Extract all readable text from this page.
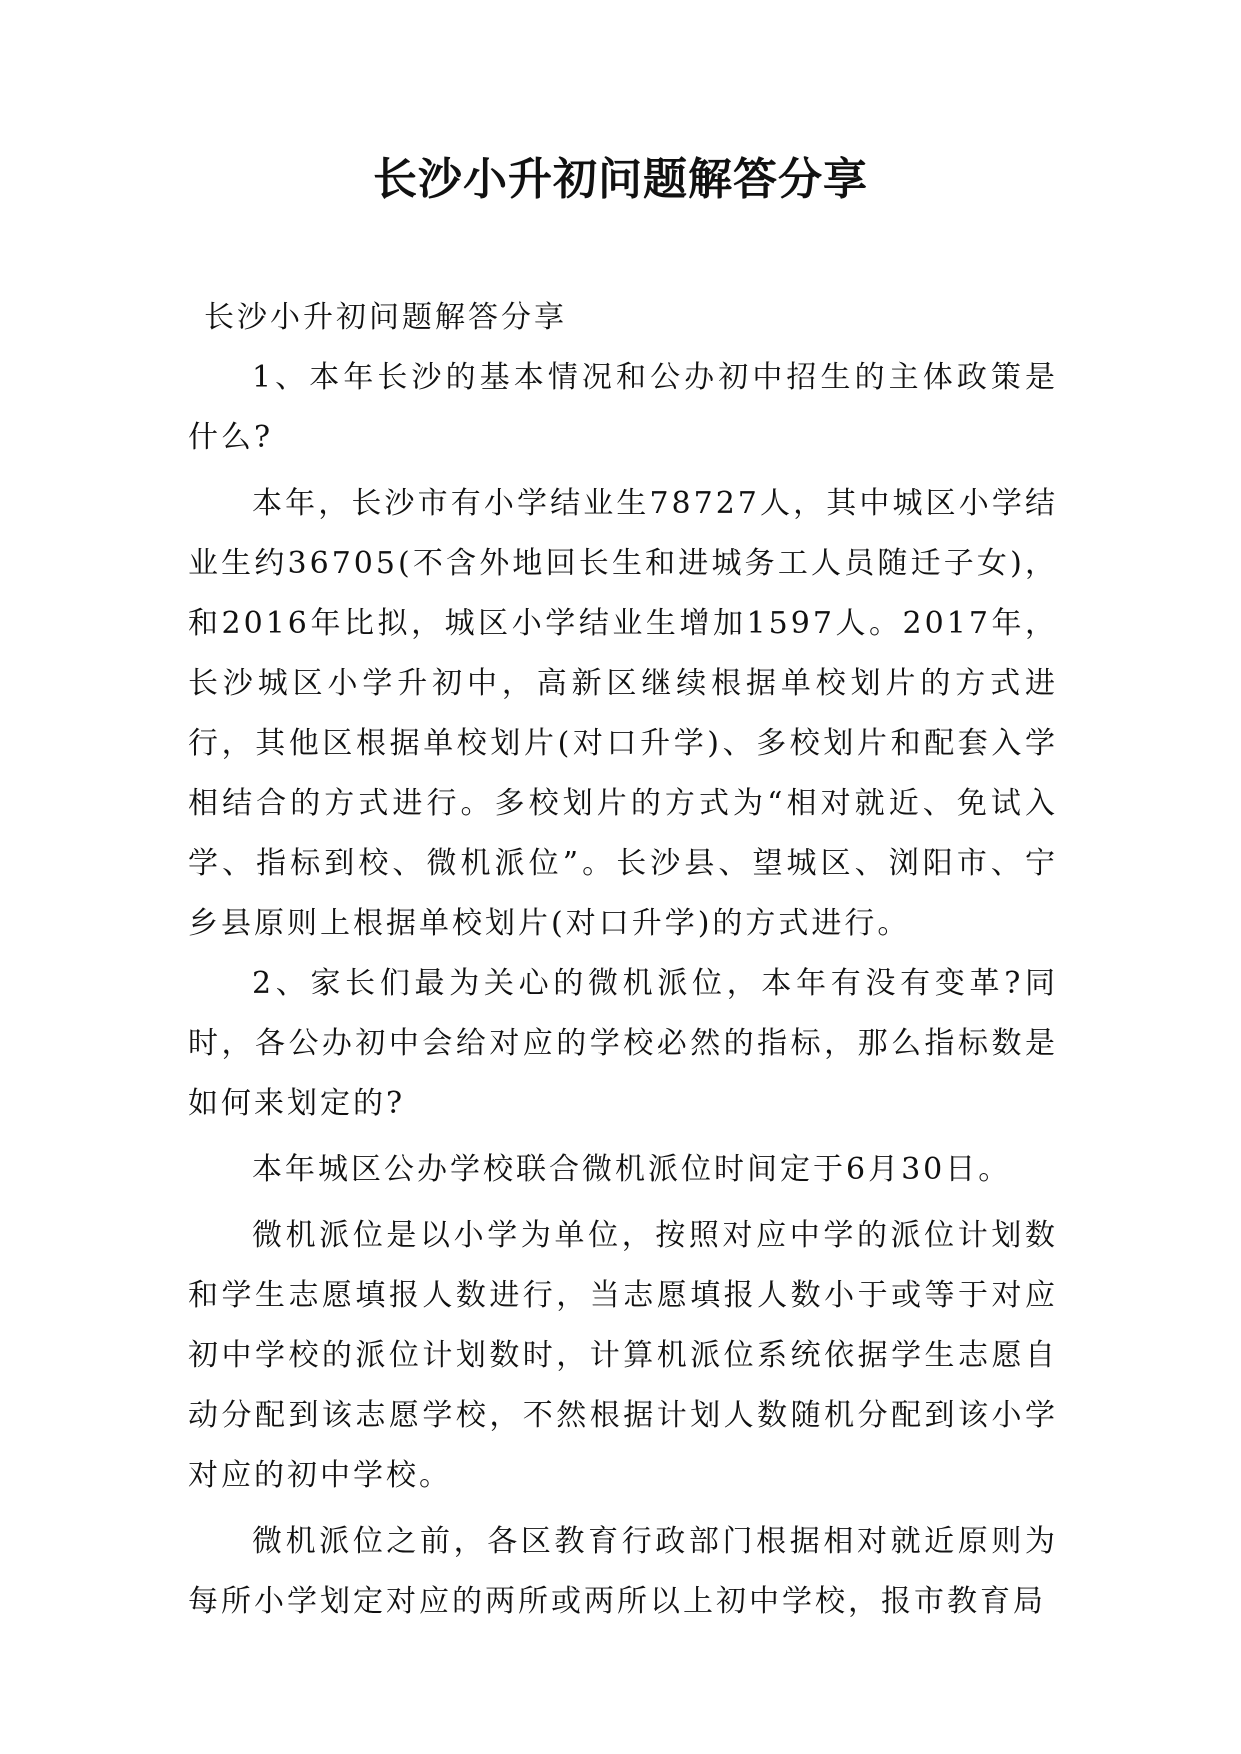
长沙小升初问题解答分享

长沙小升初问题解答分享

1、本年长沙的基本情况和公办初中招生的主体政策是什么?

本年，长沙市有小学结业生78727人，其中城区小学结业生约36705(不含外地回长生和进城务工人员随迁子女)，和2016年比拟，城区小学结业生增加1597人。2017年，长沙城区小学升初中，高新区继续根据单校划片的方式进行，其他区根据单校划片(对口升学)、多校划片和配套入学相结合的方式进行。多校划片的方式为“相对就近、免试入学、指标到校、微机派位”。长沙县、望城区、浏阳市、宁乡县原则上根据单校划片(对口升学)的方式进行。

2、家长们最为关心的微机派位，本年有没有变革?同时，各公办初中会给对应的学校必然的指标，那么指标数是如何来划定的?

本年城区公办学校联合微机派位时间定于6月30日。

微机派位是以小学为单位，按照对应中学的派位计划数和学生志愿填报人数进行，当志愿填报人数小于或等于对应初中学校的派位计划数时，计算机派位系统依据学生志愿自动分配到该志愿学校，不然根据计划人数随机分配到该小学对应的初中学校。

微机派位之前，各区教育行政部门根据相对就近原则为每所小学划定对应的两所或两所以上初中学校，报市教育局
